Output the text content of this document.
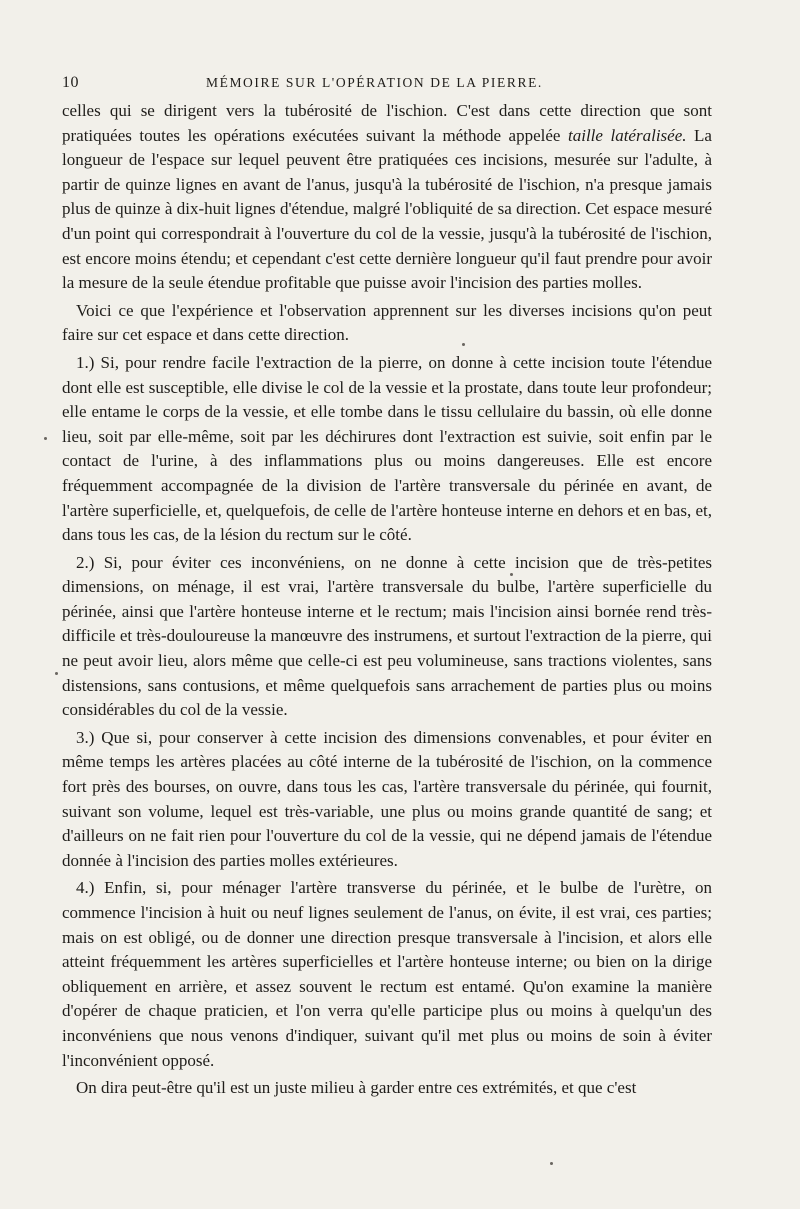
10	MÉMOIRE SUR L'OPÉRATION DE LA PIERRE.

celles qui se dirigent vers la tubérosité de l'ischion. C'est dans cette direction que sont pratiquées toutes les opérations exécutées suivant la méthode appelée taille latéralisée. La longueur de l'espace sur lequel peuvent être pratiquées ces incisions, mesurée sur l'adulte, à partir de quinze lignes en avant de l'anus, jusqu'à la tubérosité de l'ischion, n'a presque jamais plus de quinze à dix-huit lignes d'étendue, malgré l'obliquité de sa direction. Cet espace mesuré d'un point qui correspondrait à l'ouverture du col de la vessie, jusqu'à la tubérosité de l'ischion, est encore moins étendu; et cependant c'est cette dernière longueur qu'il faut prendre pour avoir la mesure de la seule étendue profitable que puisse avoir l'incision des parties molles.

Voici ce que l'expérience et l'observation apprennent sur les diverses incisions qu'on peut faire sur cet espace et dans cette direction.

1.) Si, pour rendre facile l'extraction de la pierre, on donne à cette incision toute l'étendue dont elle est susceptible, elle divise le col de la vessie et la prostate, dans toute leur profondeur; elle entame le corps de la vessie, et elle tombe dans le tissu cellulaire du bassin, où elle donne lieu, soit par elle-même, soit par les déchirures dont l'extraction est suivie, soit enfin par le contact de l'urine, à des inflammations plus ou moins dangereuses. Elle est encore fréquemment accompagnée de la division de l'artère transversale du périnée en avant, de l'artère superficielle, et, quelquefois, de celle de l'artère honteuse interne en dehors et en bas, et, dans tous les cas, de la lésion du rectum sur le côté.

2.) Si, pour éviter ces inconvéniens, on ne donne à cette incision que de très-petites dimensions, on ménage, il est vrai, l'artère transversale du bulbe, l'artère superficielle du périnée, ainsi que l'artère honteuse interne et le rectum; mais l'incision ainsi bornée rend très-difficile et très-douloureuse la manœuvre des instrumens, et surtout l'extraction de la pierre, qui ne peut avoir lieu, alors même que celle-ci est peu volumineuse, sans tractions violentes, sans distensions, sans contusions, et même quelquefois sans arrachement de parties plus ou moins considérables du col de la vessie.

3.) Que si, pour conserver à cette incision des dimensions convenables, et pour éviter en même temps les artères placées au côté interne de la tubérosité de l'ischion, on la commence fort près des bourses, on ouvre, dans tous les cas, l'artère transversale du périnée, qui fournit, suivant son volume, lequel est très-variable, une plus ou moins grande quantité de sang; et d'ailleurs on ne fait rien pour l'ouverture du col de la vessie, qui ne dépend jamais de l'étendue donnée à l'incision des parties molles extérieures.

4.) Enfin, si, pour ménager l'artère transverse du périnée, et le bulbe de l'urètre, on commence l'incision à huit ou neuf lignes seulement de l'anus, on évite, il est vrai, ces parties; mais on est obligé, ou de donner une direction presque transversale à l'incision, et alors elle atteint fréquemment les artères superficielles et l'artère honteuse interne; ou bien on la dirige obliquement en arrière, et assez souvent le rectum est entamé. Qu'on examine la manière d'opérer de chaque praticien, et l'on verra qu'elle participe plus ou moins à quelqu'un des inconvéniens que nous venons d'indiquer, suivant qu'il met plus ou moins de soin à éviter l'inconvénient opposé.

On dira peut-être qu'il est un juste milieu à garder entre ces extrémités, et que c'est
